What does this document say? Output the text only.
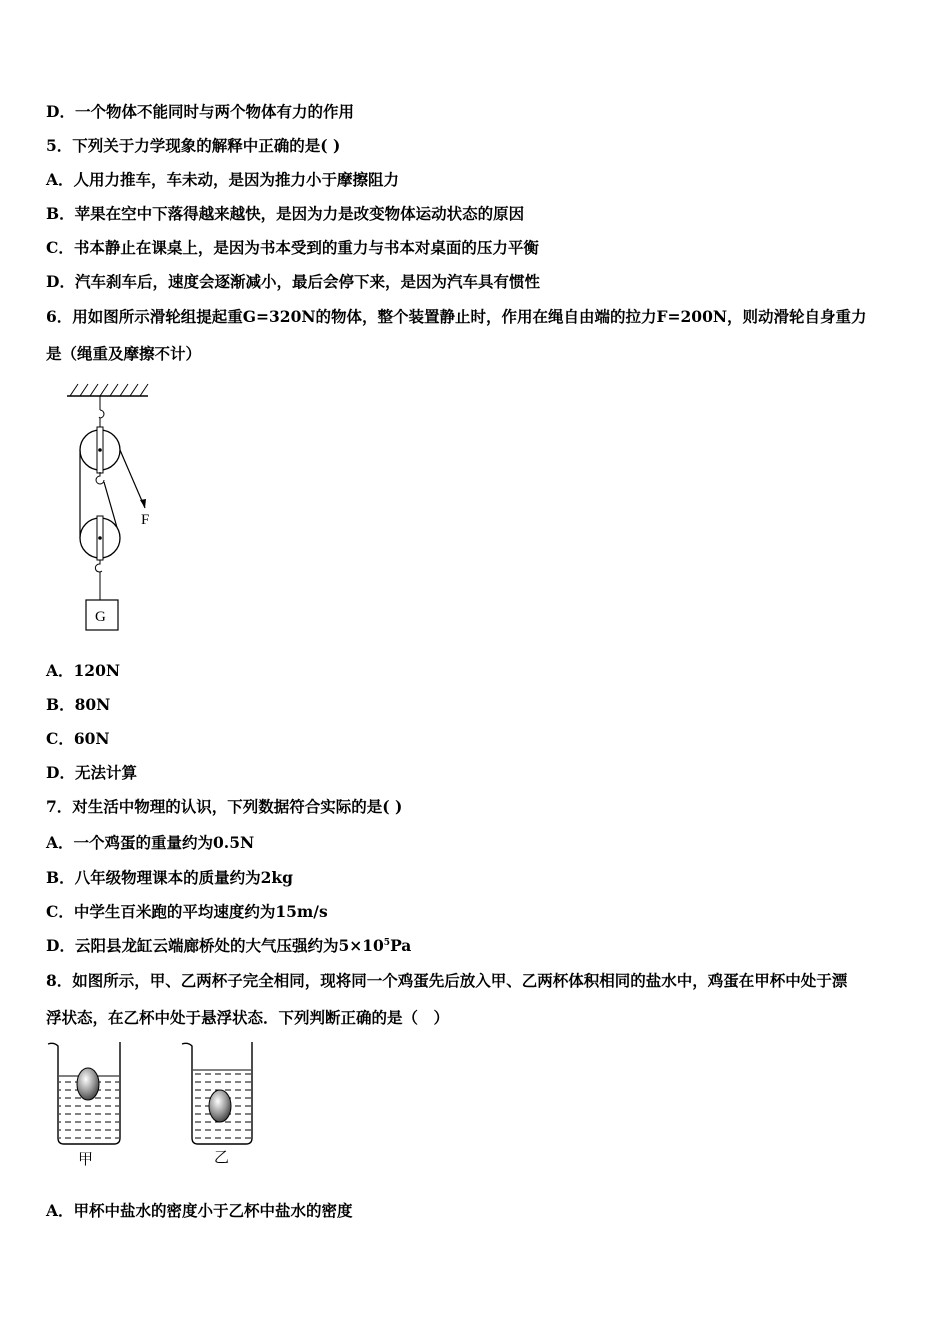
D．一个物体不能同时与两个物体有力的作用
5．下列关于力学现象的解释中正确的是( )
A．人用力推车，车未动，是因为推力小于摩擦阻力
B．苹果在空中下落得越来越快，是因为力是改变物体运动状态的原因
C．书本静止在课桌上，是因为书本受到的重力与书本对桌面的压力平衡
D．汽车刹车后，速度会逐渐减小，最后会停下来，是因为汽车具有惯性
6．用如图所示滑轮组提起重G=320N的物体，整个装置静止时，作用在绳自由端的拉力F=200N，则动滑轮自身重力
是（绳重及摩擦不计）
F
G
A．120N
B．80N
C．60N
D．无法计算
7．对生活中物理的认识，下列数据符合实际的是( )
A．一个鸡蛋的重量约为0.5N
B．八年级物理课本的质量约为2kg
C．中学生百米跑的平均速度约为15m/s
D．云阳县龙缸云端廊桥处的大气压强约为$5\times 10^5Pa$
8．如图所示，甲、乙两杯子完全相同，现将同一个鸡蛋先后放入甲、乙两杯体积相同的盐水中，鸡蛋在甲杯中处于漂
浮状态，在乙杯中处于悬浮状态．下列判断正确的是（　）
甲	乙
A．甲杯中盐水的密度小于乙杯中盐水的密度
